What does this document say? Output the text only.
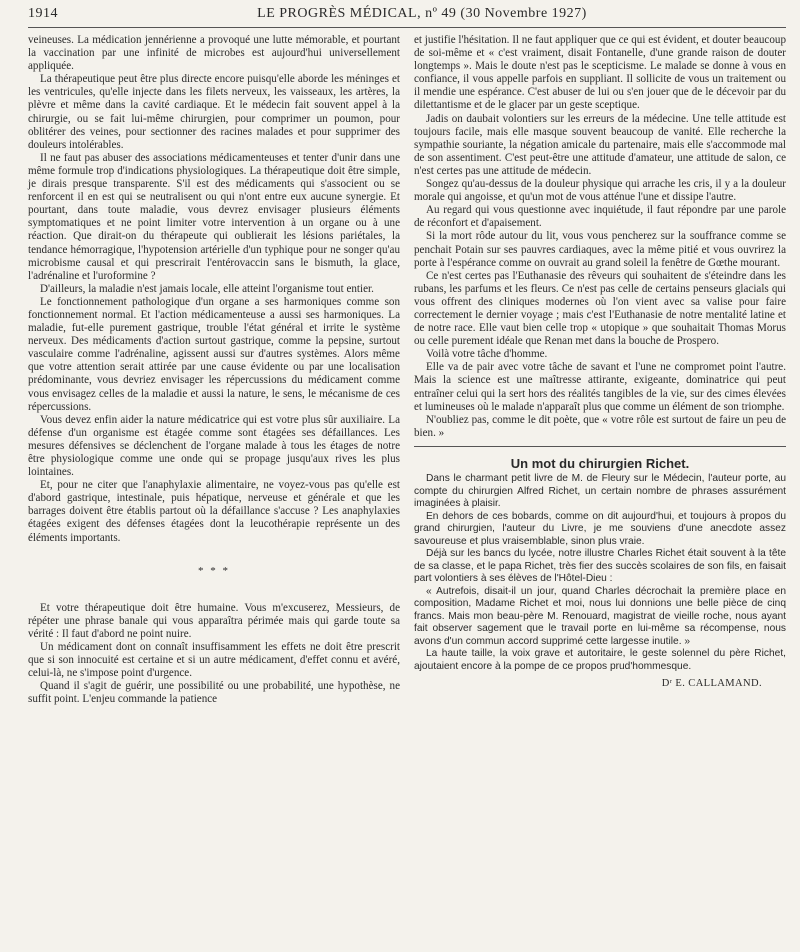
1914	LE PROGRÈS MÉDICAL, nº 49 (30 Novembre 1927)

veineuses. La médication jennérienne a provoqué une lutte mémorable, et pourtant la vaccination par une infinité de microbes est aujourd'hui universellement appliquée.

La thérapeutique peut être plus directe encore puisqu'elle aborde les méninges et les ventricules, qu'elle injecte dans les filets nerveux, les vaisseaux, les artères, la plèvre et même dans la cavité cardiaque. Et le médecin fait souvent appel à la chirurgie, ou se fait lui-même chirurgien, pour comprimer un poumon, pour oblitérer des veines, pour sectionner des racines malades et pour supprimer des douleurs intolérables.

Il ne faut pas abuser des associations médicamenteuses et tenter d'unir dans une même formule trop d'indications physiologiques. La thérapeutique doit être simple, je dirais presque transparente. S'il est des médicaments qui s'associent ou se renforcent il en est qui se neutralisent ou qui n'ont entre eux aucune synergie. Et pourtant, dans toute maladie, vous devrez envisager plusieurs éléments symptomatiques et ne point limiter votre intervention à un organe ou à une réaction. Que dirait-on du thérapeute qui oublierait les lésions pariétales, la tendance hémorragique, l'hypotension artérielle d'un typhique pour ne songer qu'au microbisme causal et qui prescrirait l'entérovaccin sans le bismuth, la glace, l'adrénaline et l'uroformine ?

D'ailleurs, la maladie n'est jamais locale, elle atteint l'organisme tout entier.

Le fonctionnement pathologique d'un organe a ses harmoniques comme son fonctionnement normal. Et l'action médicamenteuse a aussi ses harmoniques. La maladie, fut-elle purement gastrique, trouble l'état général et irrite le système nerveux. Des médicaments d'action surtout gastrique, comme la pepsine, surtout vasculaire comme l'adrénaline, agissent aussi sur d'autres systèmes. Alors même que votre attention serait attirée par une cause évidente ou par une localisation prédominante, vous devriez envisager les répercussions du médicament comme vous envisagez celles de la maladie et aussi la nature, le sens, le mécanisme de ces répercussions.

Vous devez enfin aider la nature médicatrice qui est votre plus sûr auxiliaire. La défense d'un organisme est étagée comme sont étagées ses défaillances. Les mesures défensives se déclenchent de l'organe malade à tous les étages de notre être physiologique comme une onde qui se propage jusqu'aux rives les plus lointaines.

Et, pour ne citer que l'anaphylaxie alimentaire, ne voyez-vous pas qu'elle est d'abord gastrique, intestinale, puis hépatique, nerveuse et générale et que les barrages doivent être établis partout où la défaillance s'accuse ? Les anaphylaxies étagées exigent des défenses étagées dont la leucothérapie représente un des éléments importants.

* * *

Et votre thérapeutique doit être humaine. Vous m'excuserez, Messieurs, de répéter une phrase banale qui vous apparaîtra périmée mais qui garde toute sa vérité : Il faut d'abord ne point nuire.

Un médicament dont on connaît insuffisamment les effets ne doit être prescrit que si son innocuité est certaine et si un autre médicament, d'effet connu et avéré, celui-là, ne s'impose point d'urgence.

Quand il s'agit de guérir, une possibilité ou une probabilité, une hypothèse, ne suffit point. L'enjeu commande la patience

et justifie l'hésitation. Il ne faut appliquer que ce qui est évident, et douter beaucoup de soi-même et « c'est vraiment, disait Fontanelle, d'une grande raison de douter longtemps ». Mais le doute n'est pas le scepticisme. Le malade se donne à vous en confiance, il vous appelle parfois en suppliant. Il sollicite de vous un traitement ou il mendie une espérance. C'est abuser de lui ou s'en jouer que de le décevoir par du dilettantisme et de le glacer par un geste sceptique.

Jadis on daubait volontiers sur les erreurs de la médecine. Une telle attitude est toujours facile, mais elle masque souvent beaucoup de vanité. Elle recherche la sympathie souriante, la négation amicale du partenaire, mais elle s'accommode mal de son assentiment. C'est peut-être une attitude d'amateur, une attitude de salon, ce n'est certes pas une attitude de médecin.

Songez qu'au-dessus de la douleur physique qui arrache les cris, il y a la douleur morale qui angoisse, et qu'un mot de vous atténue l'une et dissipe l'autre.

Au regard qui vous questionne avec inquiétude, il faut répondre par une parole de réconfort et d'apaisement.

Si la mort rôde autour du lit, vous vous pencherez sur la souffrance comme se penchait Potain sur ses pauvres cardiaques, avec la même pitié et vous ouvrirez la porte à l'espérance comme on ouvrait au grand soleil la fenêtre de Gœthe mourant.

Ce n'est certes pas l'Euthanasie des rêveurs qui souhaitent de s'éteindre dans les rubans, les parfums et les fleurs. Ce n'est pas celle de certains penseurs glacials qui vous offrent des cliniques modernes où l'on vient avec sa valise pour faire correctement le dernier voyage ; mais c'est l'Euthanasie de notre mentalité latine et de notre race. Elle vaut bien celle trop « utopique » que souhaitait Thomas Morus ou celle purement idéale que Renan met dans la bouche de Prospero.

Voilà votre tâche d'homme.

Elle va de pair avec votre tâche de savant et l'une ne compromet point l'autre. Mais la science est une maîtresse attirante, exigeante, dominatrice qui peut entraîner celui qui la sert hors des réalités tangibles de la vie, sur des cimes élevées et lumineuses où le malade n'apparaît plus que comme un élément de son triomphe.

N'oubliez pas, comme le dit poète, que « votre rôle est surtout de faire un peu de bien. »

Un mot du chirurgien Richet.

Dans le charmant petit livre de M. de Fleury sur le Médecin, l'auteur porte, au compte du chirurgien Alfred Richet, un certain nombre de phrases assurément imaginées à plaisir.

En dehors de ces bobards, comme on dit aujourd'hui, et toujours à propos du grand chirurgien, l'auteur du Livre, je me souviens d'une anecdote assez savoureuse et plus vraisemblable, sinon plus vraie.

Déjà sur les bancs du lycée, notre illustre Charles Richet était souvent à la tête de sa classe, et le papa Richet, très fier des succès scolaires de son fils, en faisait part volontiers à ses élèves de l'Hôtel-Dieu :

« Autrefois, disait-il un jour, quand Charles décrochait la première place en composition, Madame Richet et moi, nous lui donnions une belle pièce de cinq francs. Mais mon beau-père M. Renouard, magistrat de vieille roche, nous ayant fait observer sagement que le travail porte en lui-même sa récompense, nous avons d'un commun accord supprimé cette largesse inutile. »

La haute taille, la voix grave et autoritaire, le geste solennel du père Richet, ajoutaient encore à la pompe de ce propos prud'hommesque.

Dʳ E. CALLAMAND.
